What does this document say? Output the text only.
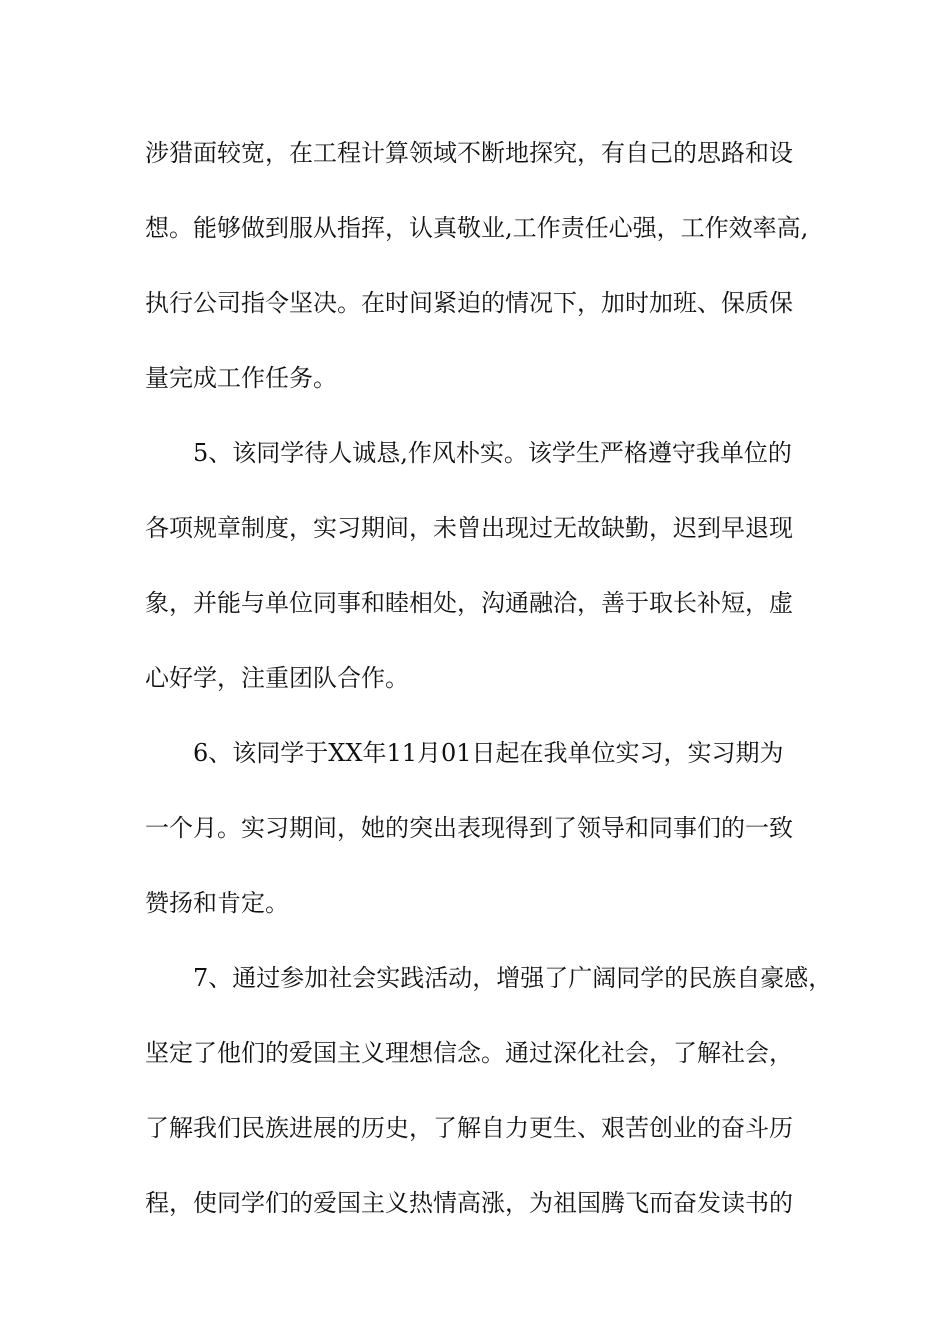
涉猎面较宽，在工程计算领域不断地探究，有自己的思路和设
想。能够做到服从指挥，认真敬业,工作责任心强，工作效率高,
执行公司指令坚决。在时间紧迫的情况下，加时加班、保质保
量完成工作任务。
5、该同学待人诚恳,作风朴实。该学生严格遵守我单位的
各项规章制度，实习期间，未曾出现过无故缺勤，迟到早退现
象，并能与单位同事和睦相处，沟通融洽，善于取长补短，虚
心好学，注重团队合作。
6、该同学于XX年11月01日起在我单位实习，实习期为
一个月。实习期间，她的突出表现得到了领导和同事们的一致
赞扬和肯定。
7、通过参加社会实践活动，增强了广阔同学的民族自豪感，
坚定了他们的爱国主义理想信念。通过深化社会，了解社会，
了解我们民族进展的历史，了解自力更生、艰苦创业的奋斗历
程，使同学们的爱国主义热情高涨，为祖国腾飞而奋发读书的
